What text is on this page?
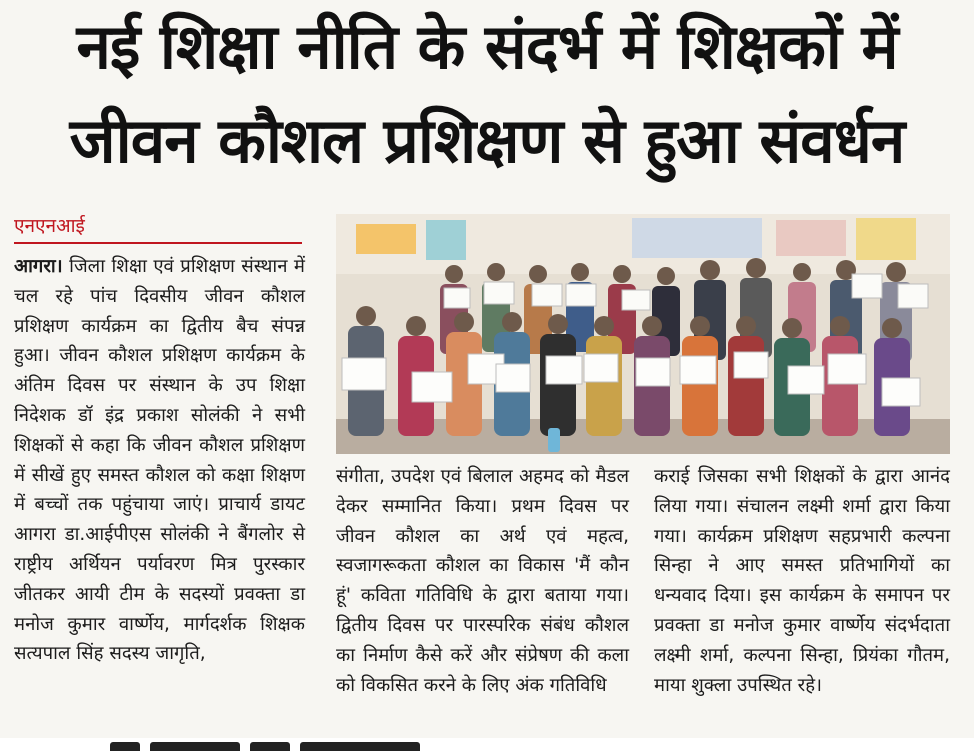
नई शिक्षा नीति के संदर्भ में शिक्षकों में
जीवन कौशल प्रशिक्षण से हुआ संवर्धन
एनएनआई
आगरा। जिला शिक्षा एवं प्रशिक्षण संस्थान में चल रहे पांच दिवसीय जीवन कौशल प्रशिक्षण कार्यक्रम का द्वितीय बैच संपन्न हुआ। जीवन कौशल प्रशिक्षण कार्यक्रम के अंतिम दिवस पर संस्थान के उप शिक्षा निदेशक डॉ इंद्र प्रकाश सोलंकी ने सभी शिक्षकों से कहा कि जीवन कौशल प्रशिक्षण में सीखें हुए समस्त कौशल को कक्षा शिक्षण में बच्चों तक पहुंचाया जाएं। प्राचार्य डायट आगरा डा.आईपीएस सोलंकी ने बैंगलोर से राष्ट्रीय अर्थियन पर्यावरण मित्र पुरस्कार जीतकर आयी टीम के सदस्यों प्रवक्ता डा मनोज कुमार वार्ष्णेय, मार्गदर्शक शिक्षक सत्यपाल सिंह सदस्य जागृति,
संगीता, उपदेश एवं बिलाल अहमद को मैडल देकर सम्मानित किया। प्रथम दिवस पर जीवन कौशल का अर्थ एवं महत्व, स्वजागरूकता कौशल का विकास 'मैं कौन हूं' कविता गतिविधि के द्वारा बताया गया। द्वितीय दिवस पर पारस्परिक संबंध कौशल का निर्माण कैसे करें और संप्रेषण की कला को विकसित करने के लिए अंक गतिविधि
कराई जिसका सभी शिक्षकों के द्वारा आनंद लिया गया। संचालन लक्ष्मी शर्मा द्वारा किया गया। कार्यक्रम प्रशिक्षण सहप्रभारी कल्पना सिन्हा ने आए समस्त प्रतिभागियों का धन्यवाद दिया। इस कार्यक्रम के समापन पर प्रवक्ता डा मनोज कुमार वार्ष्णेय संदर्भदाता लक्ष्मी शर्मा, कल्पना सिन्हा, प्रियंका गौतम, माया शुक्ला उपस्थित रहे।
